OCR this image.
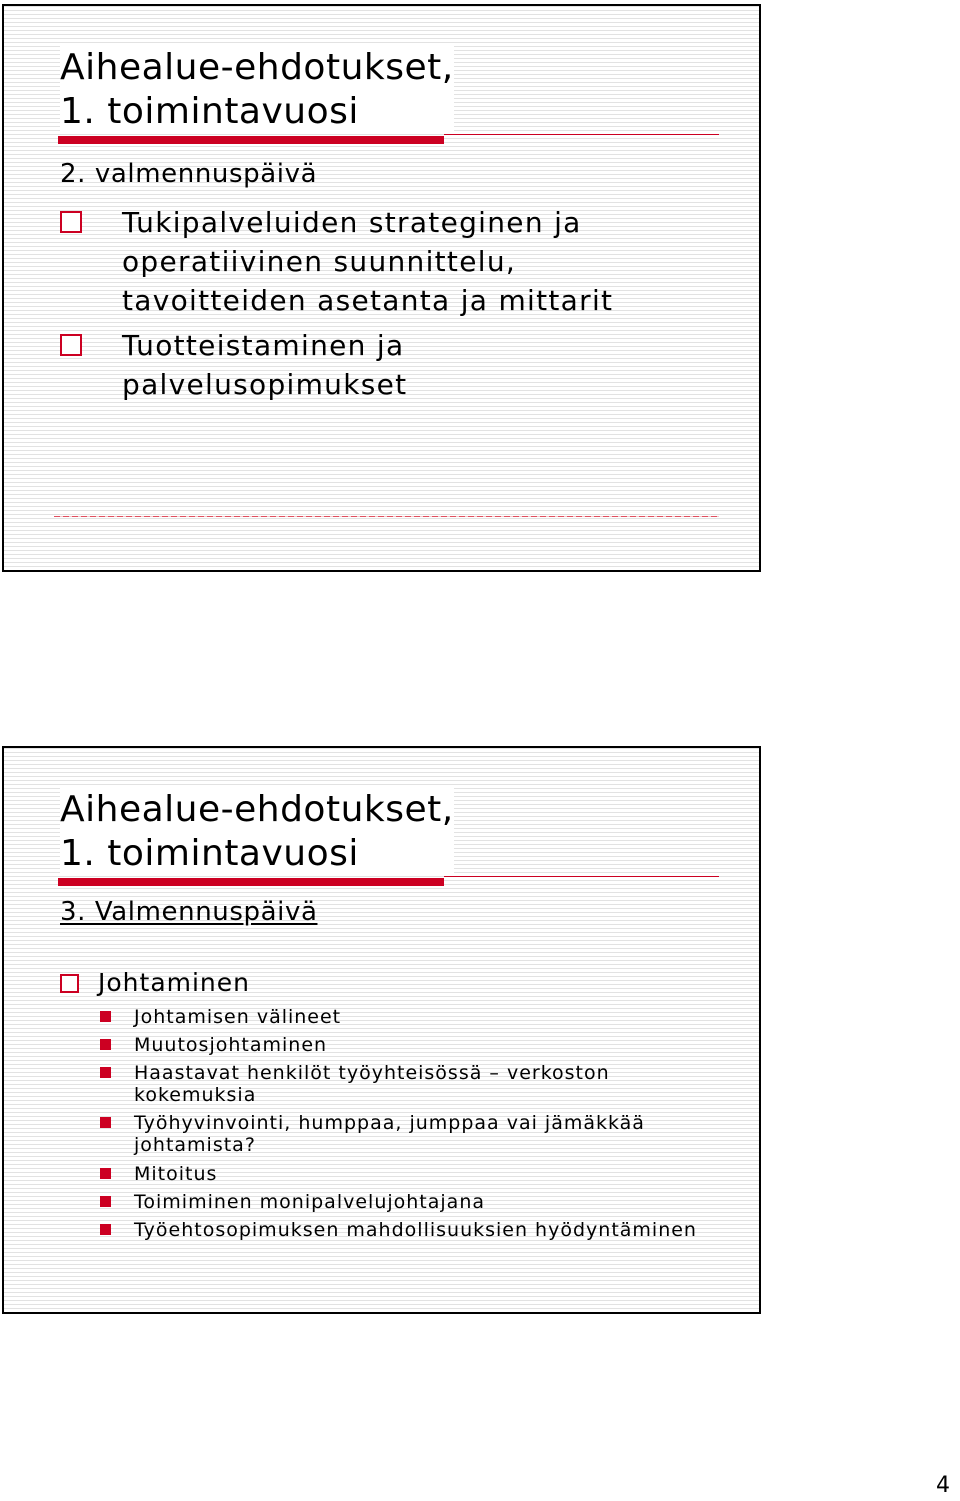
Aihealue-ehdotukset,
1. toimintavuosi
2. valmennuspäivä
Tukipalveluiden strateginen ja
operatiivinen suunnittelu,
tavoitteiden asetanta ja mittarit
Tuotteistaminen ja
palvelusopimukset
Aihealue-ehdotukset,
1. toimintavuosi
3. Valmennuspäivä
Johtaminen
Johtamisen välineet
Muutosjohtaminen
Haastavat henkilöt työyhteisössä – verkoston kokemuksia
Työhyvinvointi, humppaa, jumppaa vai jämäkkää johtamista?
Mitoitus
Toimiminen monipalvelujohtajana
Työehtosopimuksen mahdollisuuksien hyödyntäminen
4
